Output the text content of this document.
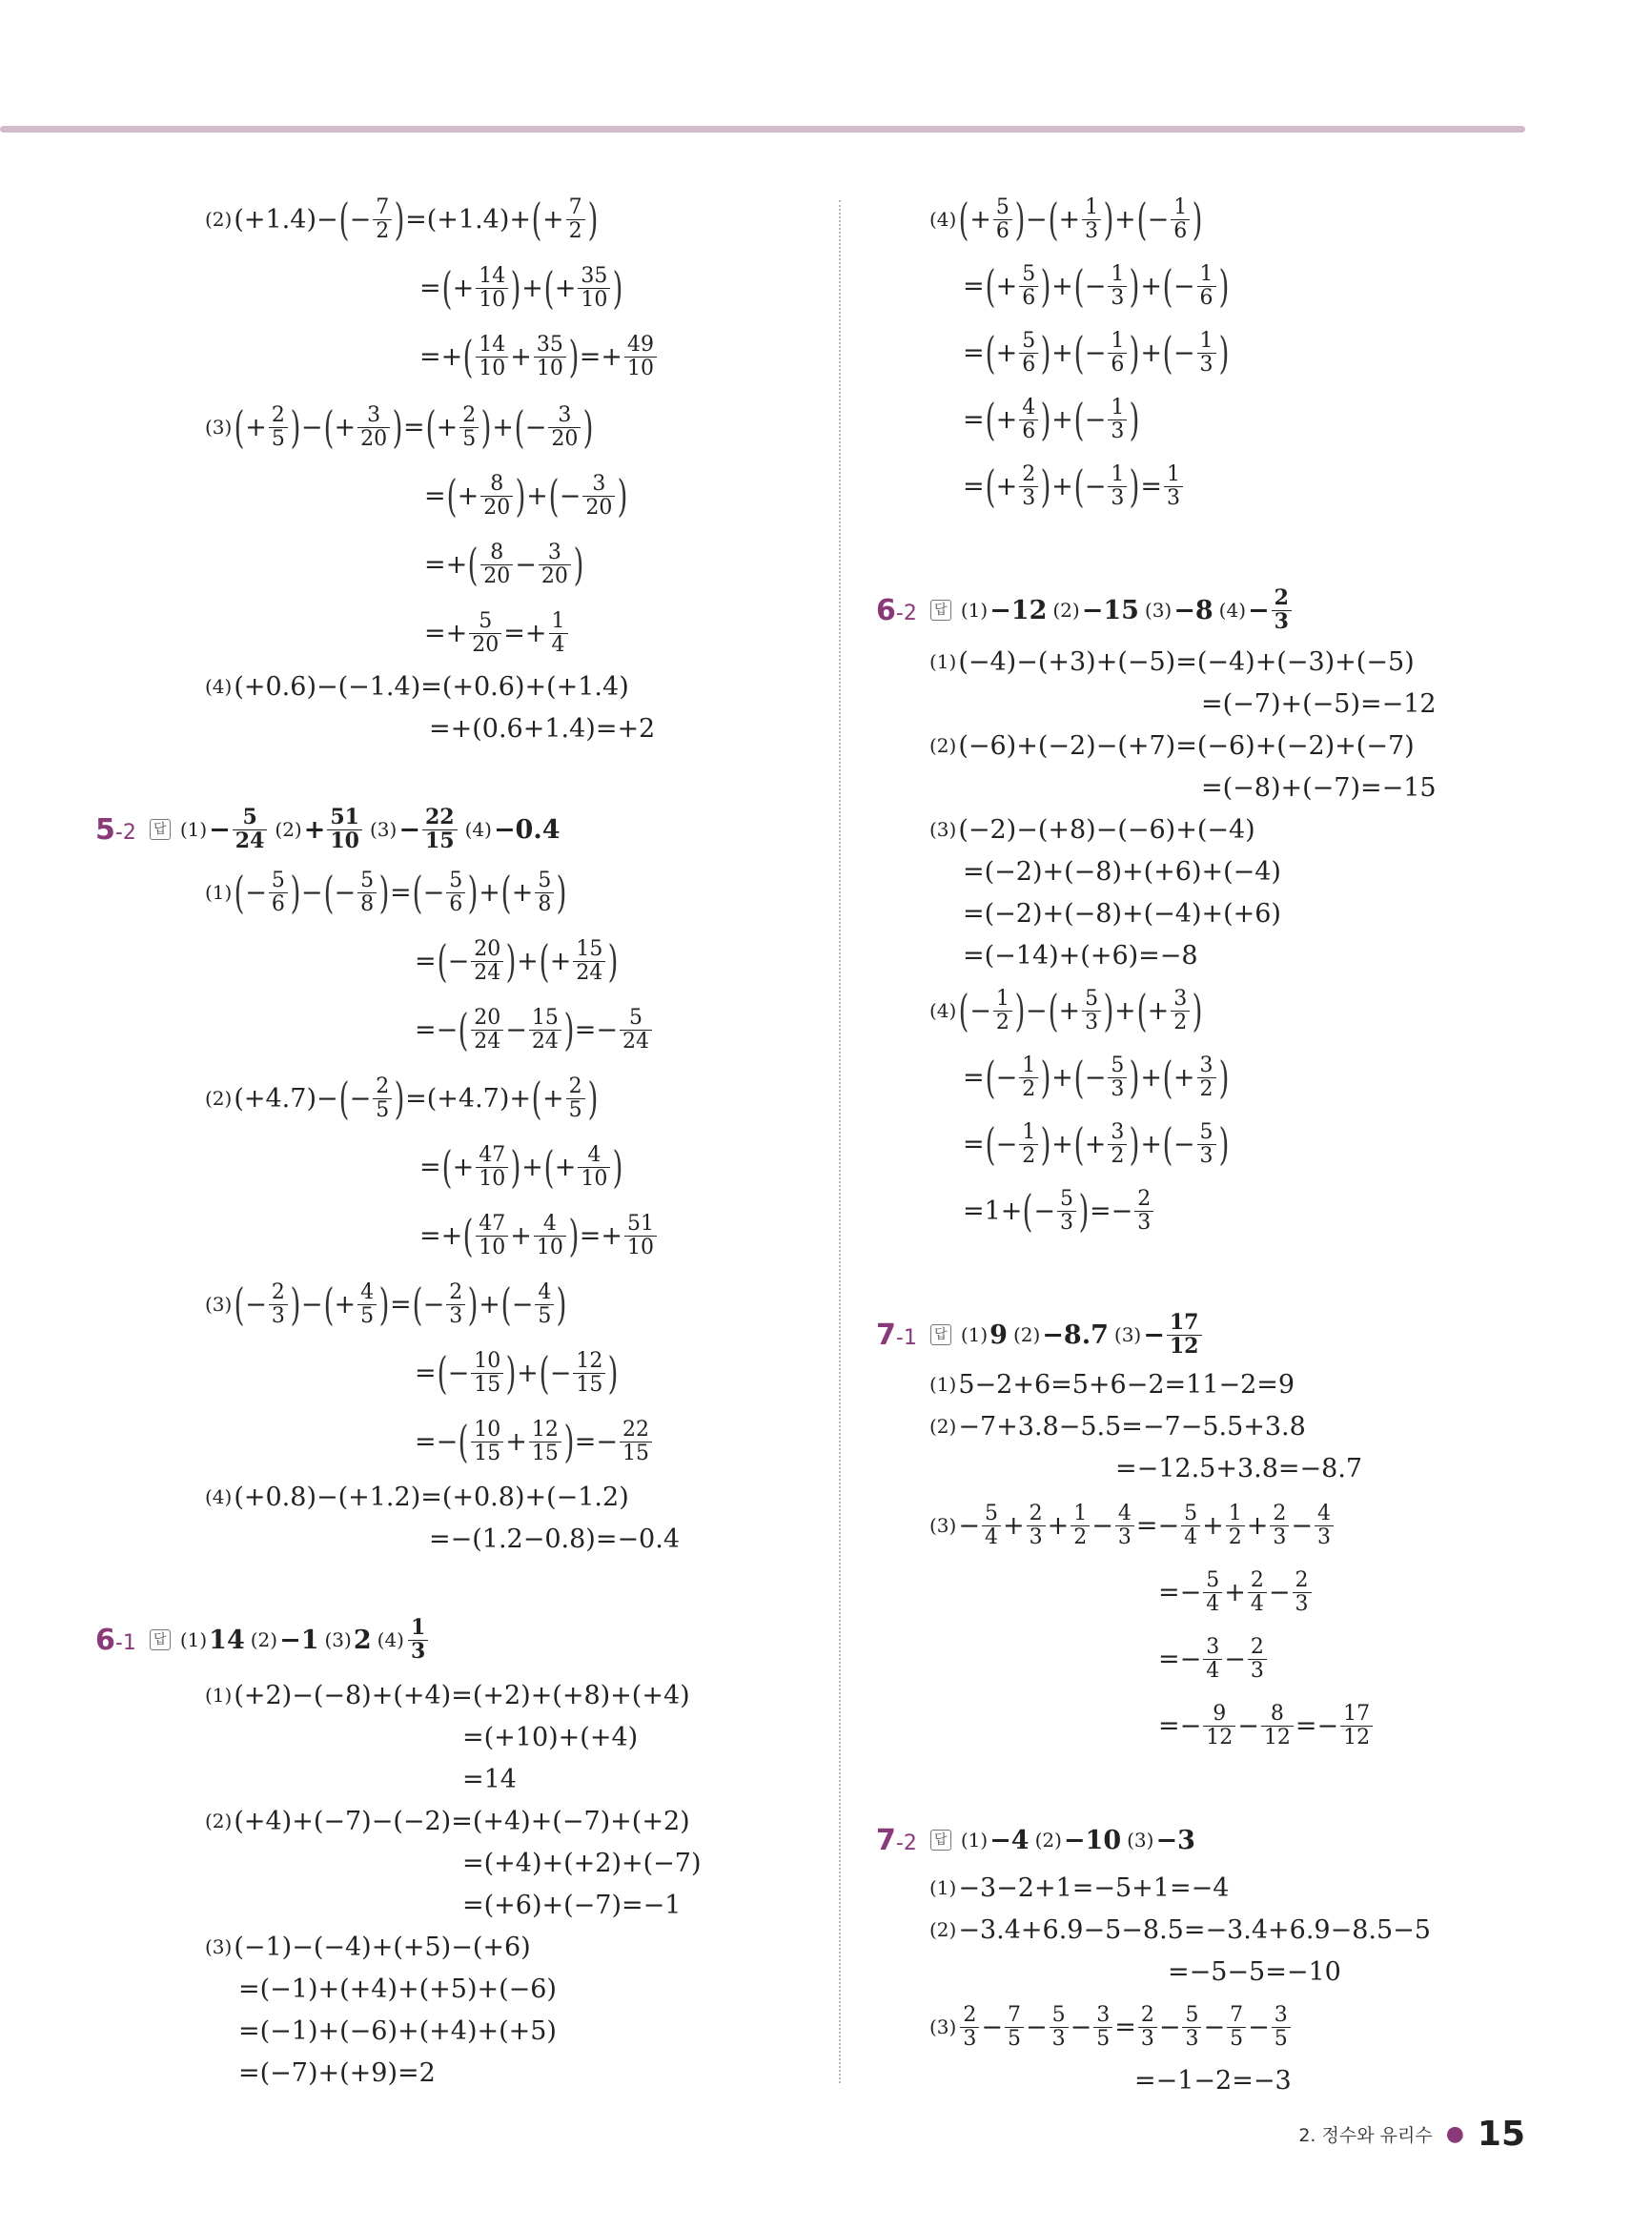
(2) (+1.4)− ( − $\frac{7}{2}$ ) =(+1.4)+ ( + $\frac{7}{2}$ )
= ( + $\frac{14}{10}$ ) + ( + $\frac{35}{10}$ )
=+ ( $\frac{14}{10} + \frac{35}{10}$ ) =+ $\frac{49}{10}$
(3) ( + $\frac{2}{5}$ ) − ( + $\frac{3}{20}$ ) = ( + $\frac{2}{5}$ ) + ( − $\frac{3}{20}$ )
= ( + $\frac{8}{20}$ ) + ( − $\frac{3}{20}$ )
=+ ( $\frac{8}{20} - \frac{3}{20}$ )
=+ $\frac{5}{20} =+ \frac{1}{4}$
(4) (+0.6)−(−1.4)=(+0.6)+(+1.4)
=+(0.6+1.4)=+2
5-2	답 $(1) - \frac{5}{24} (2) + \frac{51}{10} (3) - \frac{22}{15} (4) -0.4$
(1) ( − $\frac{5}{6}$ ) − ( − $\frac{5}{8}$ ) = ( − $\frac{5}{6}$ ) + ( + $\frac{5}{8}$ )
= ( − $\frac{20}{24}$ ) + ( + $\frac{15}{24}$ )
=− ( $\frac{20}{24} - \frac{15}{24}$ ) =− $\frac{5}{24}$
(2) (+4.7)− ( − $\frac{2}{5}$ ) =(+4.7)+ ( + $\frac{2}{5}$ )
= ( + $\frac{47}{10}$ ) + ( + $\frac{4}{10}$ )
=+ ( $\frac{47}{10} + \frac{4}{10}$ ) =+ $\frac{51}{10}$
(3) ( − $\frac{2}{3}$ ) − ( + $\frac{4}{5}$ ) = ( − $\frac{2}{3}$ ) + ( − $\frac{4}{5}$ )
= ( − $\frac{10}{15}$ ) + ( − $\frac{12}{15}$ )
=− ( $\frac{10}{15} + \frac{12}{15}$ ) =− $\frac{22}{15}$
(4) (+0.8)−(+1.2)=(+0.8)+(−1.2)
=−(1.2−0.8)=−0.4
6-1	답 (1) 14 (2) −1 (3) 2 $(4) \frac{1}{3}$
(1) (+2)−(−8)+(+4)=(+2)+(+8)+(+4)
=(+10)+(+4)
=14
(2) (+4)+(−7)−(−2)=(+4)+(−7)+(+2)
=(+4)+(+2)+(−7)
=(+6)+(−7)=−1
(3) (−1)−(−4)+(+5)−(+6)
=(−1)+(+4)+(+5)+(−6)
=(−1)+(−6)+(+4)+(+5)
=(−7)+(+9)=2
(4) ( + $\frac{5}{6}$ ) − ( + $\frac{1}{3}$ ) + ( − $\frac{1}{6}$ )
= ( + $\frac{5}{6}$ ) + ( − $\frac{1}{3}$ ) + ( − $\frac{1}{6}$ )
= ( + $\frac{5}{6}$ ) + ( − $\frac{1}{6}$ ) + ( − $\frac{1}{3}$ )
= ( + $\frac{4}{6}$ ) + ( − $\frac{1}{3}$ )
= ( + $\frac{2}{3}$ ) + ( − $\frac{1}{3}$ ) = $\frac{1}{3}$
6-2	답 (1) −12 (2) −15 (3) −8 $(4) - \frac{2}{3}$
(1) (−4)−(+3)+(−5)=(−4)+(−3)+(−5)
=(−7)+(−5)=−12
(2) (−6)+(−2)−(+7)=(−6)+(−2)+(−7)
=(−8)+(−7)=−15
(3) (−2)−(+8)−(−6)+(−4)
=(−2)+(−8)+(+6)+(−4)
=(−2)+(−8)+(−4)+(+6)
=(−14)+(+6)=−8
(4) ( − $\frac{1}{2}$ ) − ( + $\frac{5}{3}$ ) + ( + $\frac{3}{2}$ )
= ( − $\frac{1}{2}$ ) + ( − $\frac{5}{3}$ ) + ( + $\frac{3}{2}$ )
= ( − $\frac{1}{2}$ ) + ( + $\frac{3}{2}$ ) + ( − $\frac{5}{3}$ )
=1+ ( − $\frac{5}{3}$ ) =− $\frac{2}{3}$
7-1	답 (1) 9 (2) −8.7 $(3) - \frac{17}{12}$
(1) 5−2+6=5+6−2=11−2=9
(2) −7+3.8−5.5=−7−5.5+3.8
=−12.5+3.8=−8.7
$(3) - \frac{5}{4} + \frac{2}{3} + \frac{1}{2} - \frac{4}{3} =- \frac{5}{4} + \frac{1}{2} + \frac{2}{3} - \frac{4}{3}$
=− $\frac{5}{4} + \frac{2}{4} - \frac{2}{3}$
=− $\frac{3}{4} - \frac{2}{3}$
=− $\frac{9}{12} - \frac{8}{12} =- \frac{17}{12}$
7-2	답 (1) −4 (2) −10 (3) −3
(1) −3−2+1=−5+1=−4
(2) −3.4+6.9−5−8.5=−3.4+6.9−8.5−5
=−5−5=−10
$(3) \frac{2}{3} - \frac{7}{5} - \frac{5}{3} - \frac{3}{5} = \frac{2}{3} - \frac{5}{3} - \frac{7}{5} - \frac{3}{5}$
=−1−2=−3
2. 정수와 유리수 ● 15
